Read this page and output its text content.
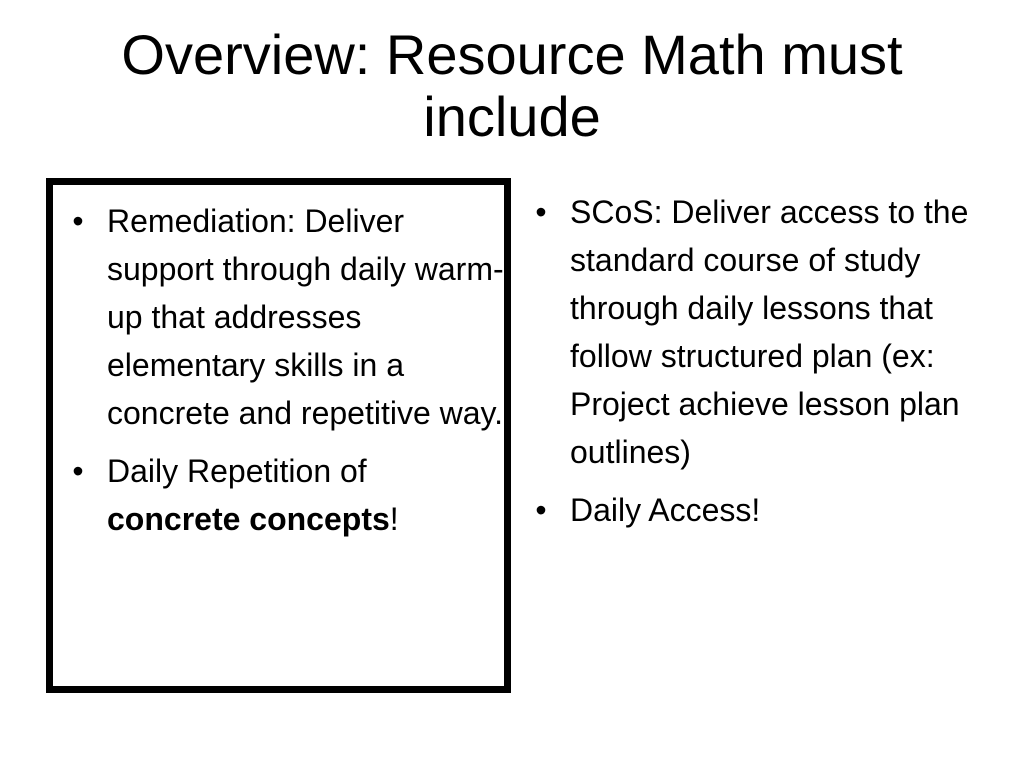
Overview: Resource Math must include
• Remediation: Deliver support through daily warm-up that addresses elementary skills in a concrete and repetitive way.
• Daily Repetition of concrete concepts!
• SCoS: Deliver access to the standard course of study through daily lessons that follow structured plan (ex: Project achieve lesson plan outlines)
• Daily Access!
